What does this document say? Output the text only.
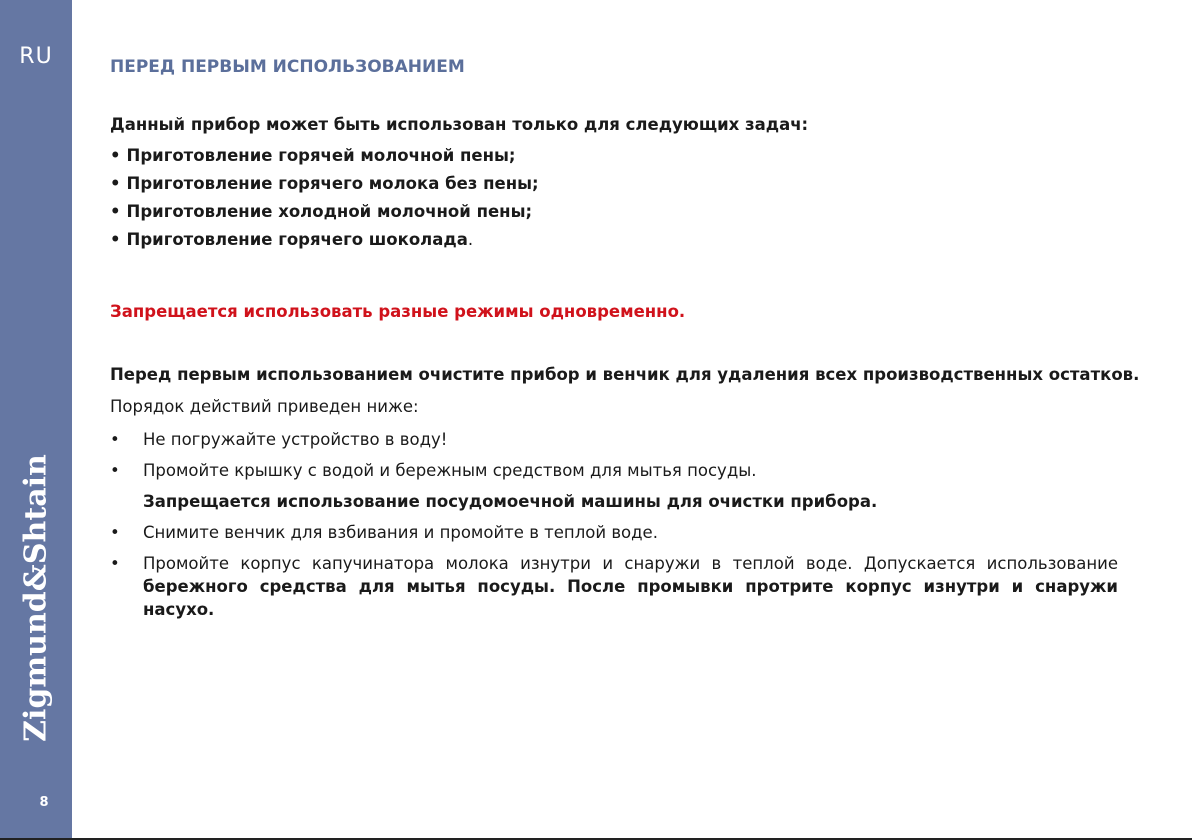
RU
Zigmund&Shtain
8
ПЕРЕД ПЕРВЫМ ИСПОЛЬЗОВАНИЕМ
Данный прибор может быть использован только для следующих задач:
• Приготовление горячей молочной пены;
• Приготовление горячего молока без пены;
• Приготовление холодной молочной пены;
• Приготовление горячего шоколада.
Запрещается использовать разные режимы одновременно.
Перед первым использованием очистите прибор и венчик для удаления всех производственных остатков.
Порядок действий приведен ниже:
• Не погружайте устройство в воду!
• Промойте крышку с водой и бережным средством для мытья посуды.
Запрещается использование посудомоечной машины для очистки прибора.
• Снимите венчик для взбивания и промойте в теплой воде.
• Промойте корпус капучинатора молока изнутри и снаружи в теплой воде. Допускается использование бережного средства для мытья посуды. После промывки протрите корпус изнутри и снаружи насухо.
